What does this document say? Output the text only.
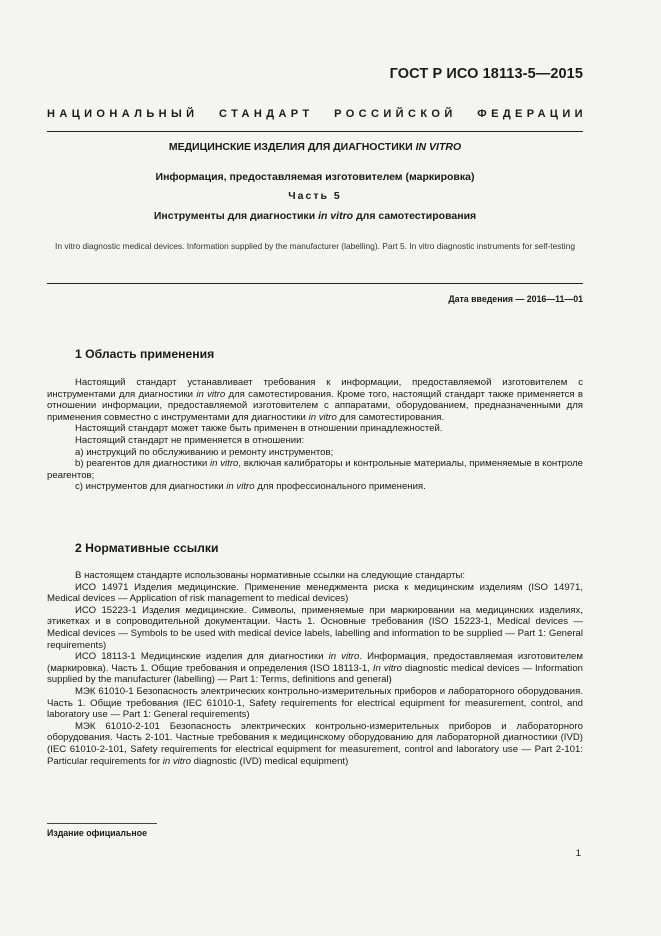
ГОСТ Р ИСО 18113-5—2015
НАЦИОНАЛЬНЫЙ СТАНДАРТ РОССИЙСКОЙ ФЕДЕРАЦИИ
МЕДИЦИНСКИЕ ИЗДЕЛИЯ ДЛЯ ДИАГНОСТИКИ IN VITRO
Информация, предоставляемая изготовителем (маркировка)
Часть 5
Инструменты для диагностики in vitro для самотестирования
In vitro diagnostic medical devices. Information supplied by the manufacturer (labelling). Part 5. In vitro diagnostic instruments for self-testing
Дата введения — 2016—11—01
1 Область применения

Настоящий стандарт устанавливает требования к информации, предоставляемой изготовителем с инструментами для диагностики in vitro для самотестирования. Кроме того, настоящий стандарт также применяется в отношении информации, предоставляемой изготовителем с аппаратами, оборудованием, предназначенными для применения совместно с инструментами для диагностики in vitro для самотестирования.

Настоящий стандарт может также быть применен в отношении принадлежностей.

Настоящий стандарт не применяется в отношении:

a) инструкций по обслуживанию и ремонту инструментов;

b) реагентов для диагностики in vitro, включая калибраторы и контрольные материалы, применяемые в контроле реагентов;

c) инструментов для диагностики in vitro для профессионального применения.

2 Нормативные ссылки

В настоящем стандарте использованы нормативные ссылки на следующие стандарты:

ИСО 14971 Изделия медицинские. Применение менеджмента риска к медицинским изделиям (ISO 14971, Medical devices — Application of risk management to medical devices)

ИСО 15223-1 Изделия медицинские. Символы, применяемые при маркировании на медицинских изделиях, этикетках и в сопроводительной документации. Часть 1. Основные требования (ISO 15223-1, Medical devices — Medical devices — Symbols to be used with medical device labels, labelling and information to be supplied — Part 1: General requirements)

ИСО 18113-1 Медицинские изделия для диагностики in vitro. Информация, предоставляемая изготовителем (маркировка). Часть 1. Общие требования и определения (ISO 18113-1, In vitro diagnostic medical devices — Information supplied by the manufacturer (labelling) — Part 1: Terms, definitions and general)

МЭК 61010-1 Безопасность электрических контрольно-измерительных приборов и лабораторного оборудования. Часть 1. Общие требования (IEC 61010-1, Safety requirements for electrical equipment for measurement, control, and laboratory use — Part 1: General requirements)

МЭК 61010-2-101 Безопасность электрических контрольно-измерительных приборов и лабораторного оборудования. Часть 2-101. Частные требования к медицинскому оборудованию для лабораторной диагностики (IVD) (IEC 61010-2-101, Safety requirements for electrical equipment for measurement, control and laboratory use — Part 2-101: Particular requirements for in vitro diagnostic (IVD) medical equipment)

Издание официальное
1
